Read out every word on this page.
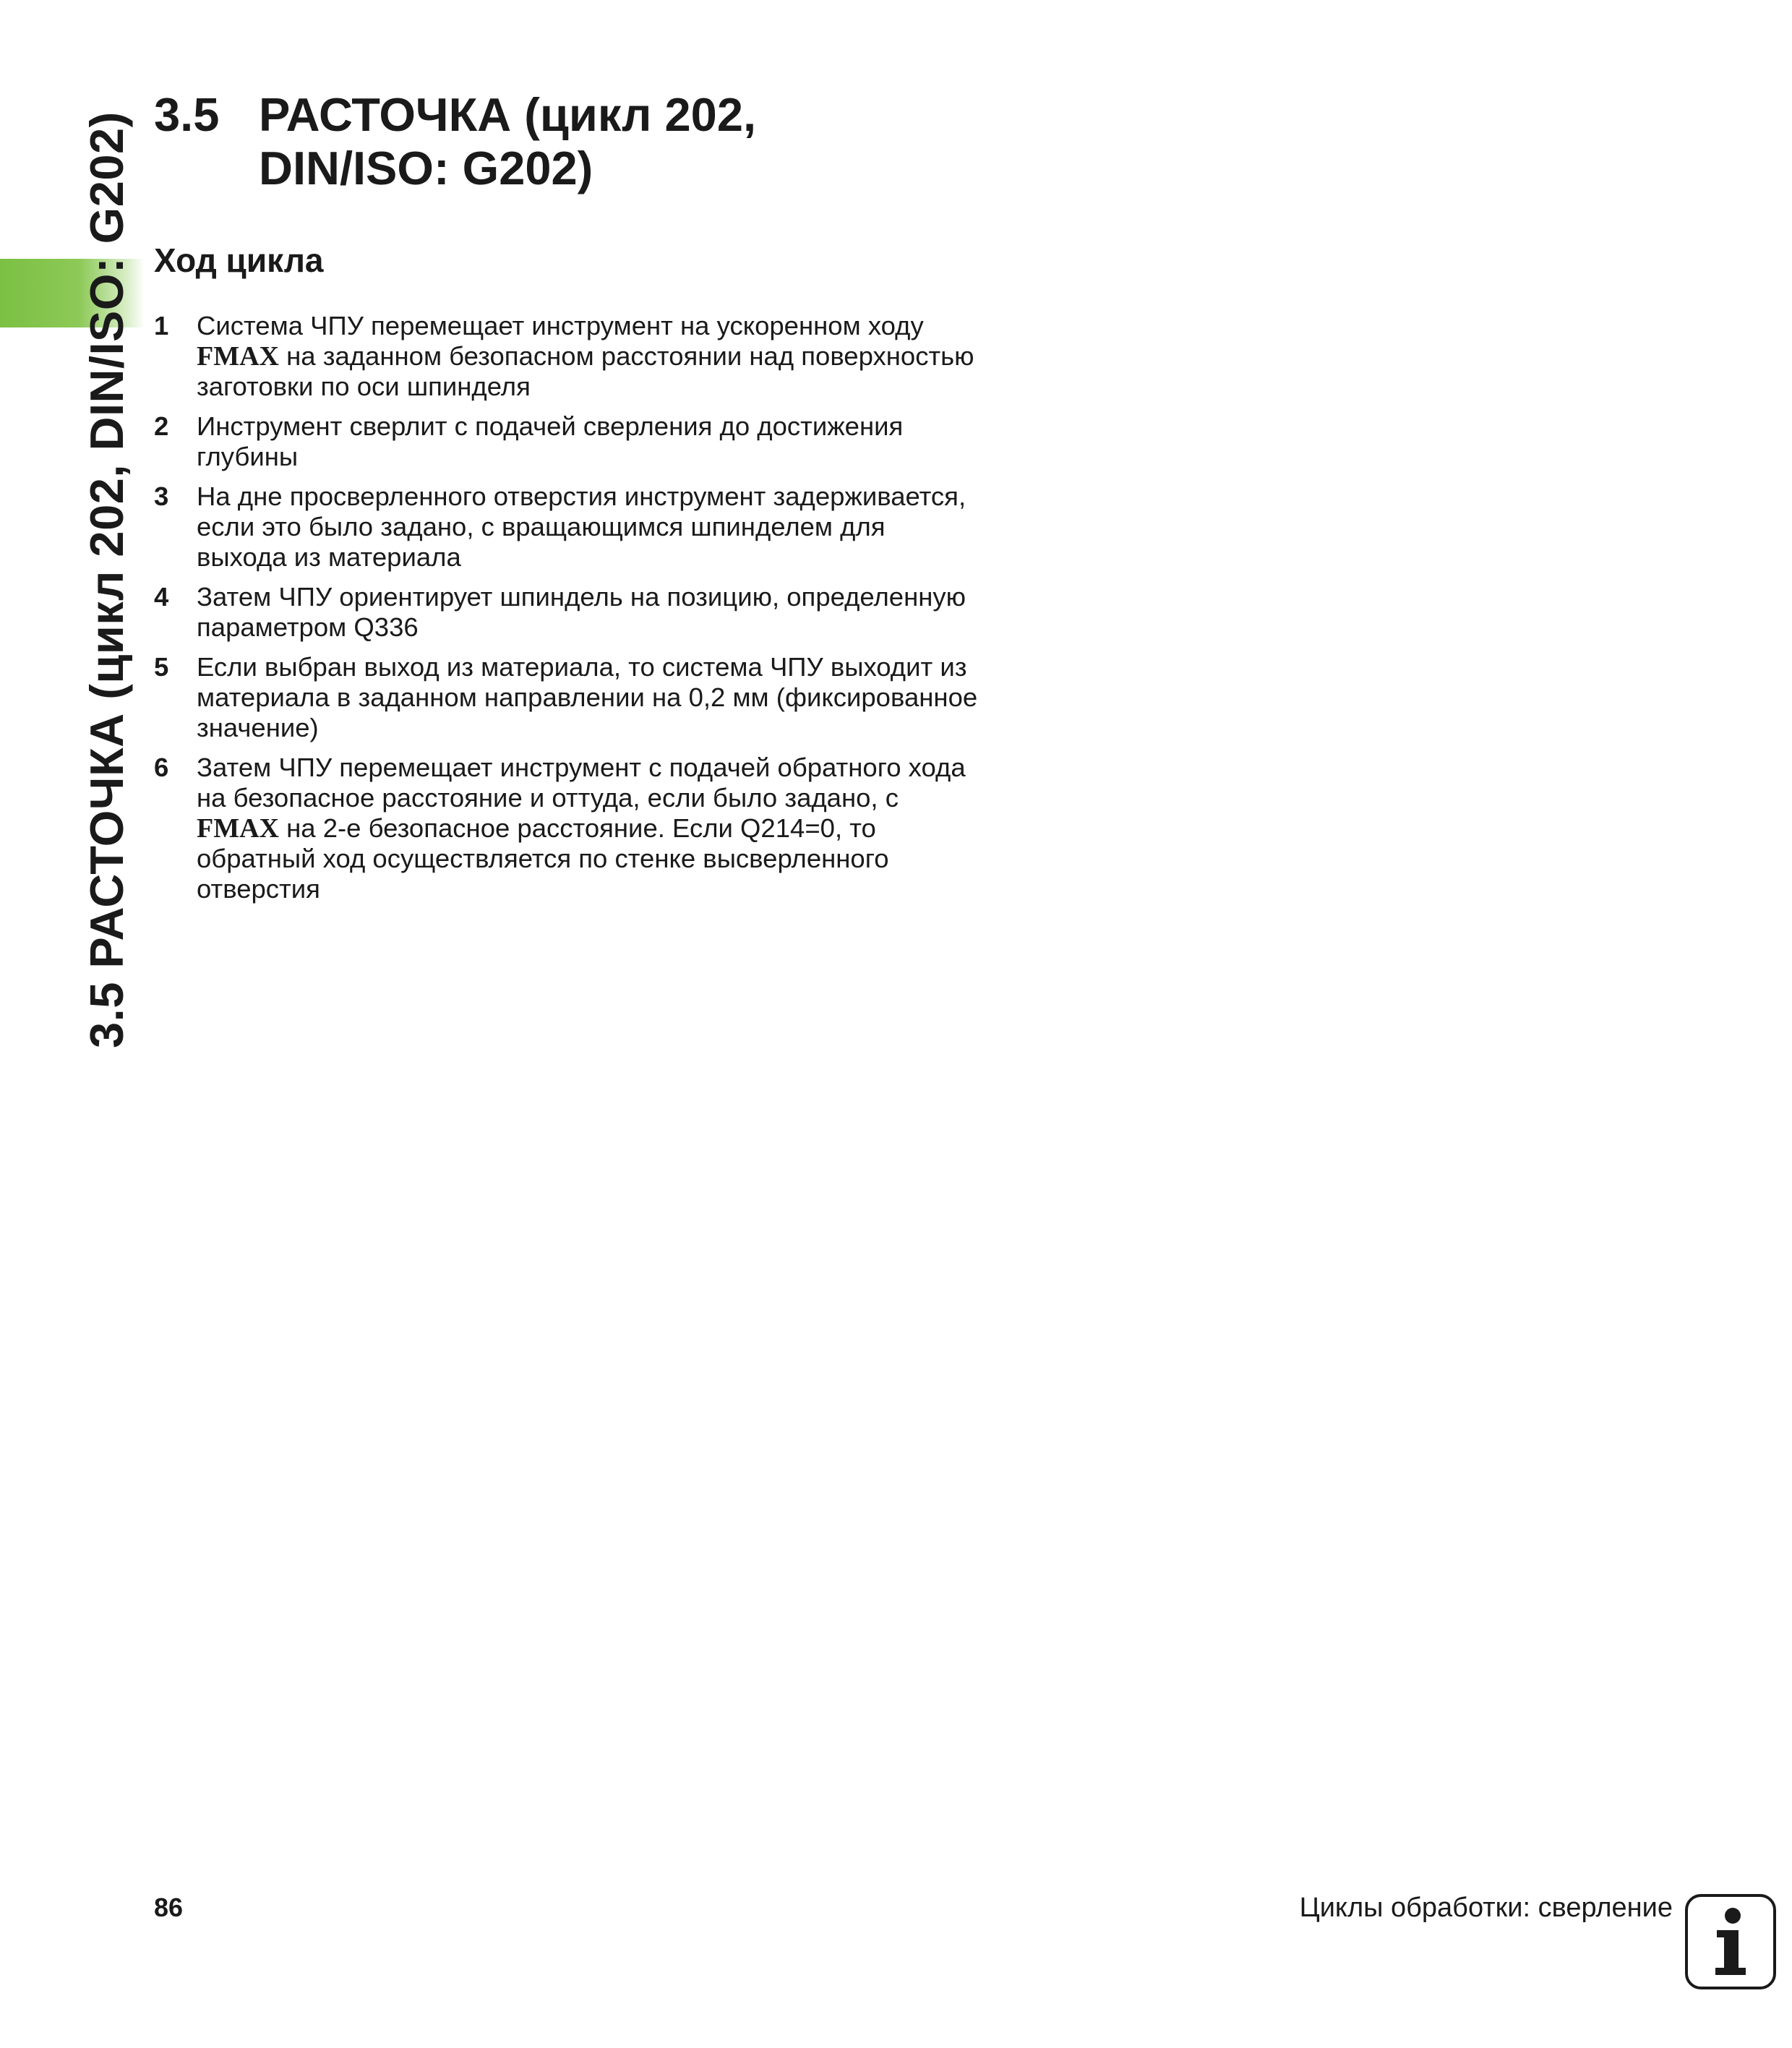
3.5 РАСТОЧКА (цикл 202, DIN/ISO: G202) 3.5 РАСТОЧКА (цикл 202,
DIN/ISO: G202)
Ход цикла
1 Система ЧПУ перемещает инструмент на ускоренном ходу
FMAX на заданном безопасном расстоянии над поверхностью
заготовки по оси шпинделя
2 Инструмент сверлит с подачей сверления до достижения
глубины
3 На дне просверленного отверстия инструмент задерживается,
если это было задано, с вращающимся шпинделем для
выхода из материала
4 Затем ЧПУ ориентирует шпиндель на позицию, определенную
параметром Q336
5 Если выбран выход из материала, то система ЧПУ выходит из
материала в заданном направлении на 0,2 мм (фиксированное
значение)
6 Затем ЧПУ перемещает инструмент с подачей обратного хода
на безопасное расстояние и оттуда, если было задано, с
FMAX на 2-е безопасное расстояние. Если Q214=0, то
обратный ход осуществляется по стенке высверленного
отверстия
86	Циклы обработки: сверление
